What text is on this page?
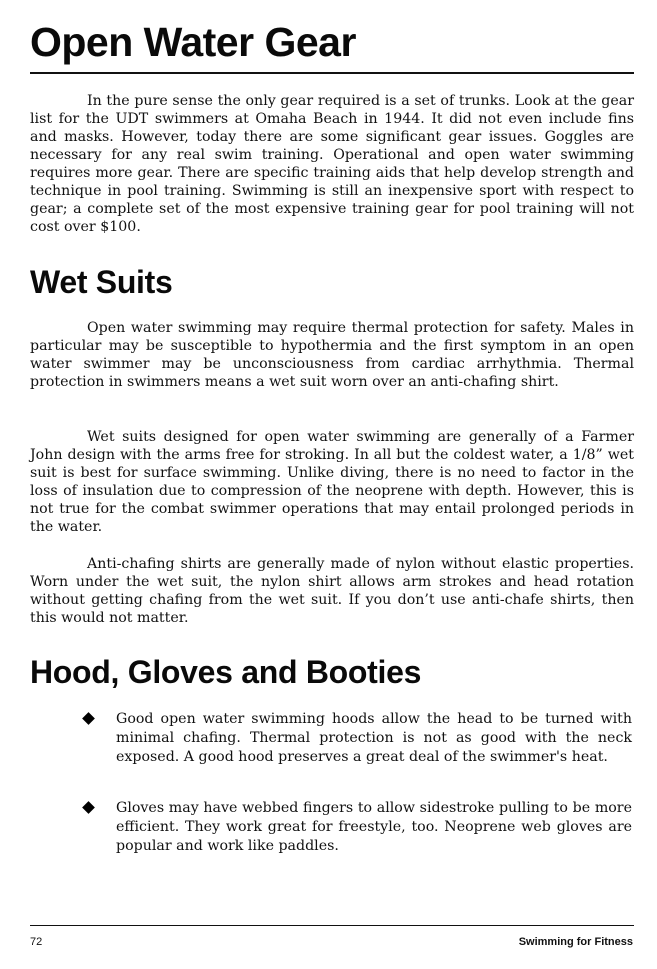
Open Water Gear

In the pure sense the only gear required is a set of trunks. Look at the gear list for the UDT swimmers at Omaha Beach in 1944. It did not even include fins and masks. However, today there are some significant gear issues. Goggles are necessary for any real swim training. Operational and open water swimming requires more gear. There are specific training aids that help develop strength and technique in pool training. Swimming is still an inexpensive sport with respect to gear; a complete set of the most expensive training gear for pool training will not cost over $100.

Wet Suits

Open water swimming may require thermal protection for safety. Males in particular may be susceptible to hypothermia and the first symptom in an open water swimmer may be unconsciousness from cardiac arrhythmia. Thermal protection in swimmers means a wet suit worn over an anti-chafing shirt.

Wet suits designed for open water swimming are generally of a Farmer John design with the arms free for stroking. In all but the coldest water, a 1/8” wet suit is best for surface swimming. Unlike diving, there is no need to factor in the loss of insulation due to compression of the neoprene with depth. However, this is not true for the combat swimmer operations that may entail prolonged periods in the water.

Anti-chafing shirts are generally made of nylon without elastic properties. Worn under the wet suit, the nylon shirt allows arm strokes and head rotation without getting chafing from the wet suit. If you don’t use anti-chafe shirts, then this would not matter.

Hood, Gloves and Booties

Good open water swimming hoods allow the head to be turned with minimal chafing. Thermal protection is not as good with the neck exposed. A good hood preserves a great deal of the swimmer's heat.

Gloves may have webbed fingers to allow sidestroke pulling to be more efficient. They work great for freestyle, too. Neoprene web gloves are popular and work like paddles.

72	Swimming for Fitness
